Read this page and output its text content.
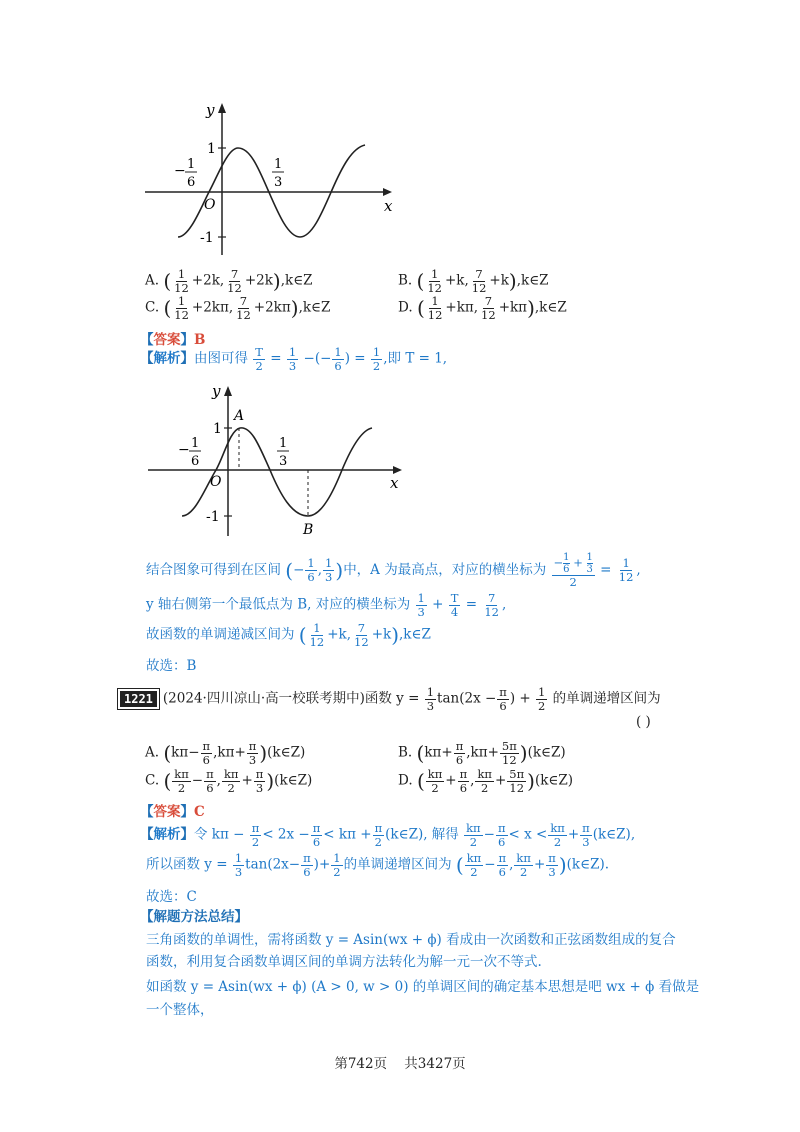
y
x
O
1
-1
− 1
6
1
3
A. ( $\frac{1}{12} +2k$, $\frac{7}{12}$ +2k),k∈Z	B. ( $\frac{1}{12} +k$, $\frac{7}{12}$ +k),k∈Z
C. ( $\frac{1}{12} +2k\pi$, $\frac{7}{12}$ +2kπ),k∈Z	D. ( $\frac{1}{12} +k\pi$, $\frac{7}{12}$ +kπ),k∈Z
【答案】B
【解析】由图可得 $\frac{T}{2} = \frac{1}{3}$ −(− $\frac{1}{6}$ ) = $\frac{1}{2}$ ,即 T = 1,
y
x
O
A
B
1
-1
− 1
6
1
3
结合图象可得到在区间 (− $\frac{1}{6}$ , $\frac{1}{3}$ )中，A 为最高点，对应的横坐标为 $\frac{- \frac{1}{6} + \frac{1}{3}}{2} = \frac{1}{12}$ ,
y 轴右侧第一个最低点为 B, 对应的横坐标为 $\frac{1}{3} + \frac{T}{4} = \frac{7}{12}$ ,
故函数的单调递减区间为 ( $\frac{1}{12} +k$, $\frac{7}{12}$ +k),k∈Z
故选：B
1221 (2024·四川凉山·高一校联考期中)函数 $y = \frac{1}{3} \tan(2x - \frac{\pi}{6}$ ) + $\frac{1}{2}$ 的单调递增区间为
( )
A. ($k\pi- \frac{\pi}{6} ,k\pi+ \frac{\pi}{3}$ )(k∈Z)	B. ($k\pi+ \frac{\pi}{6} ,k\pi+ \frac{5\pi}{12}$ )(k∈Z)
C. ( $\frac{k\pi}{2} - \frac{\pi}{6}$ , $\frac{k\pi}{2} + \frac{\pi}{3}$ )(k∈Z)	D. ( $\frac{k\pi}{2} + \frac{\pi}{6}$ , $\frac{k\pi}{2} + \frac{5\pi}{12}$ )(k∈Z)
【答案】C
【解析】令 $k\pi - \frac{\pi}{2} < 2x - \frac{\pi}{6} < k\pi + \frac{\pi}{2}$ (k∈Z), 解得 $\frac{k\pi}{2} - \frac{\pi}{6} < x < \frac{k\pi}{2} + \frac{\pi}{3}$ (k∈Z),
所以函数 $y = \frac{1}{3} \tan(2x- \frac{\pi}{6}$ )+ $\frac{1}{2}$ 的单调递增区间为 ( $\frac{k\pi}{2} - \frac{\pi}{6}$ , $\frac{k\pi}{2} + \frac{\pi}{3}$ )(k∈Z).
故选：C
【解题方法总结】
三角函数的单调性，需将函数 y = Asin(wx + ϕ) 看成由一次函数和正弦函数组成的复合
函数，利用复合函数单调区间的单调方法转化为解一元一次不等式.
如函数 y = Asin(wx + ϕ) (A > 0, w > 0) 的单调区间的确定基本思想是吧 wx + ϕ 看做是
一个整体，
第742页 共3427页
